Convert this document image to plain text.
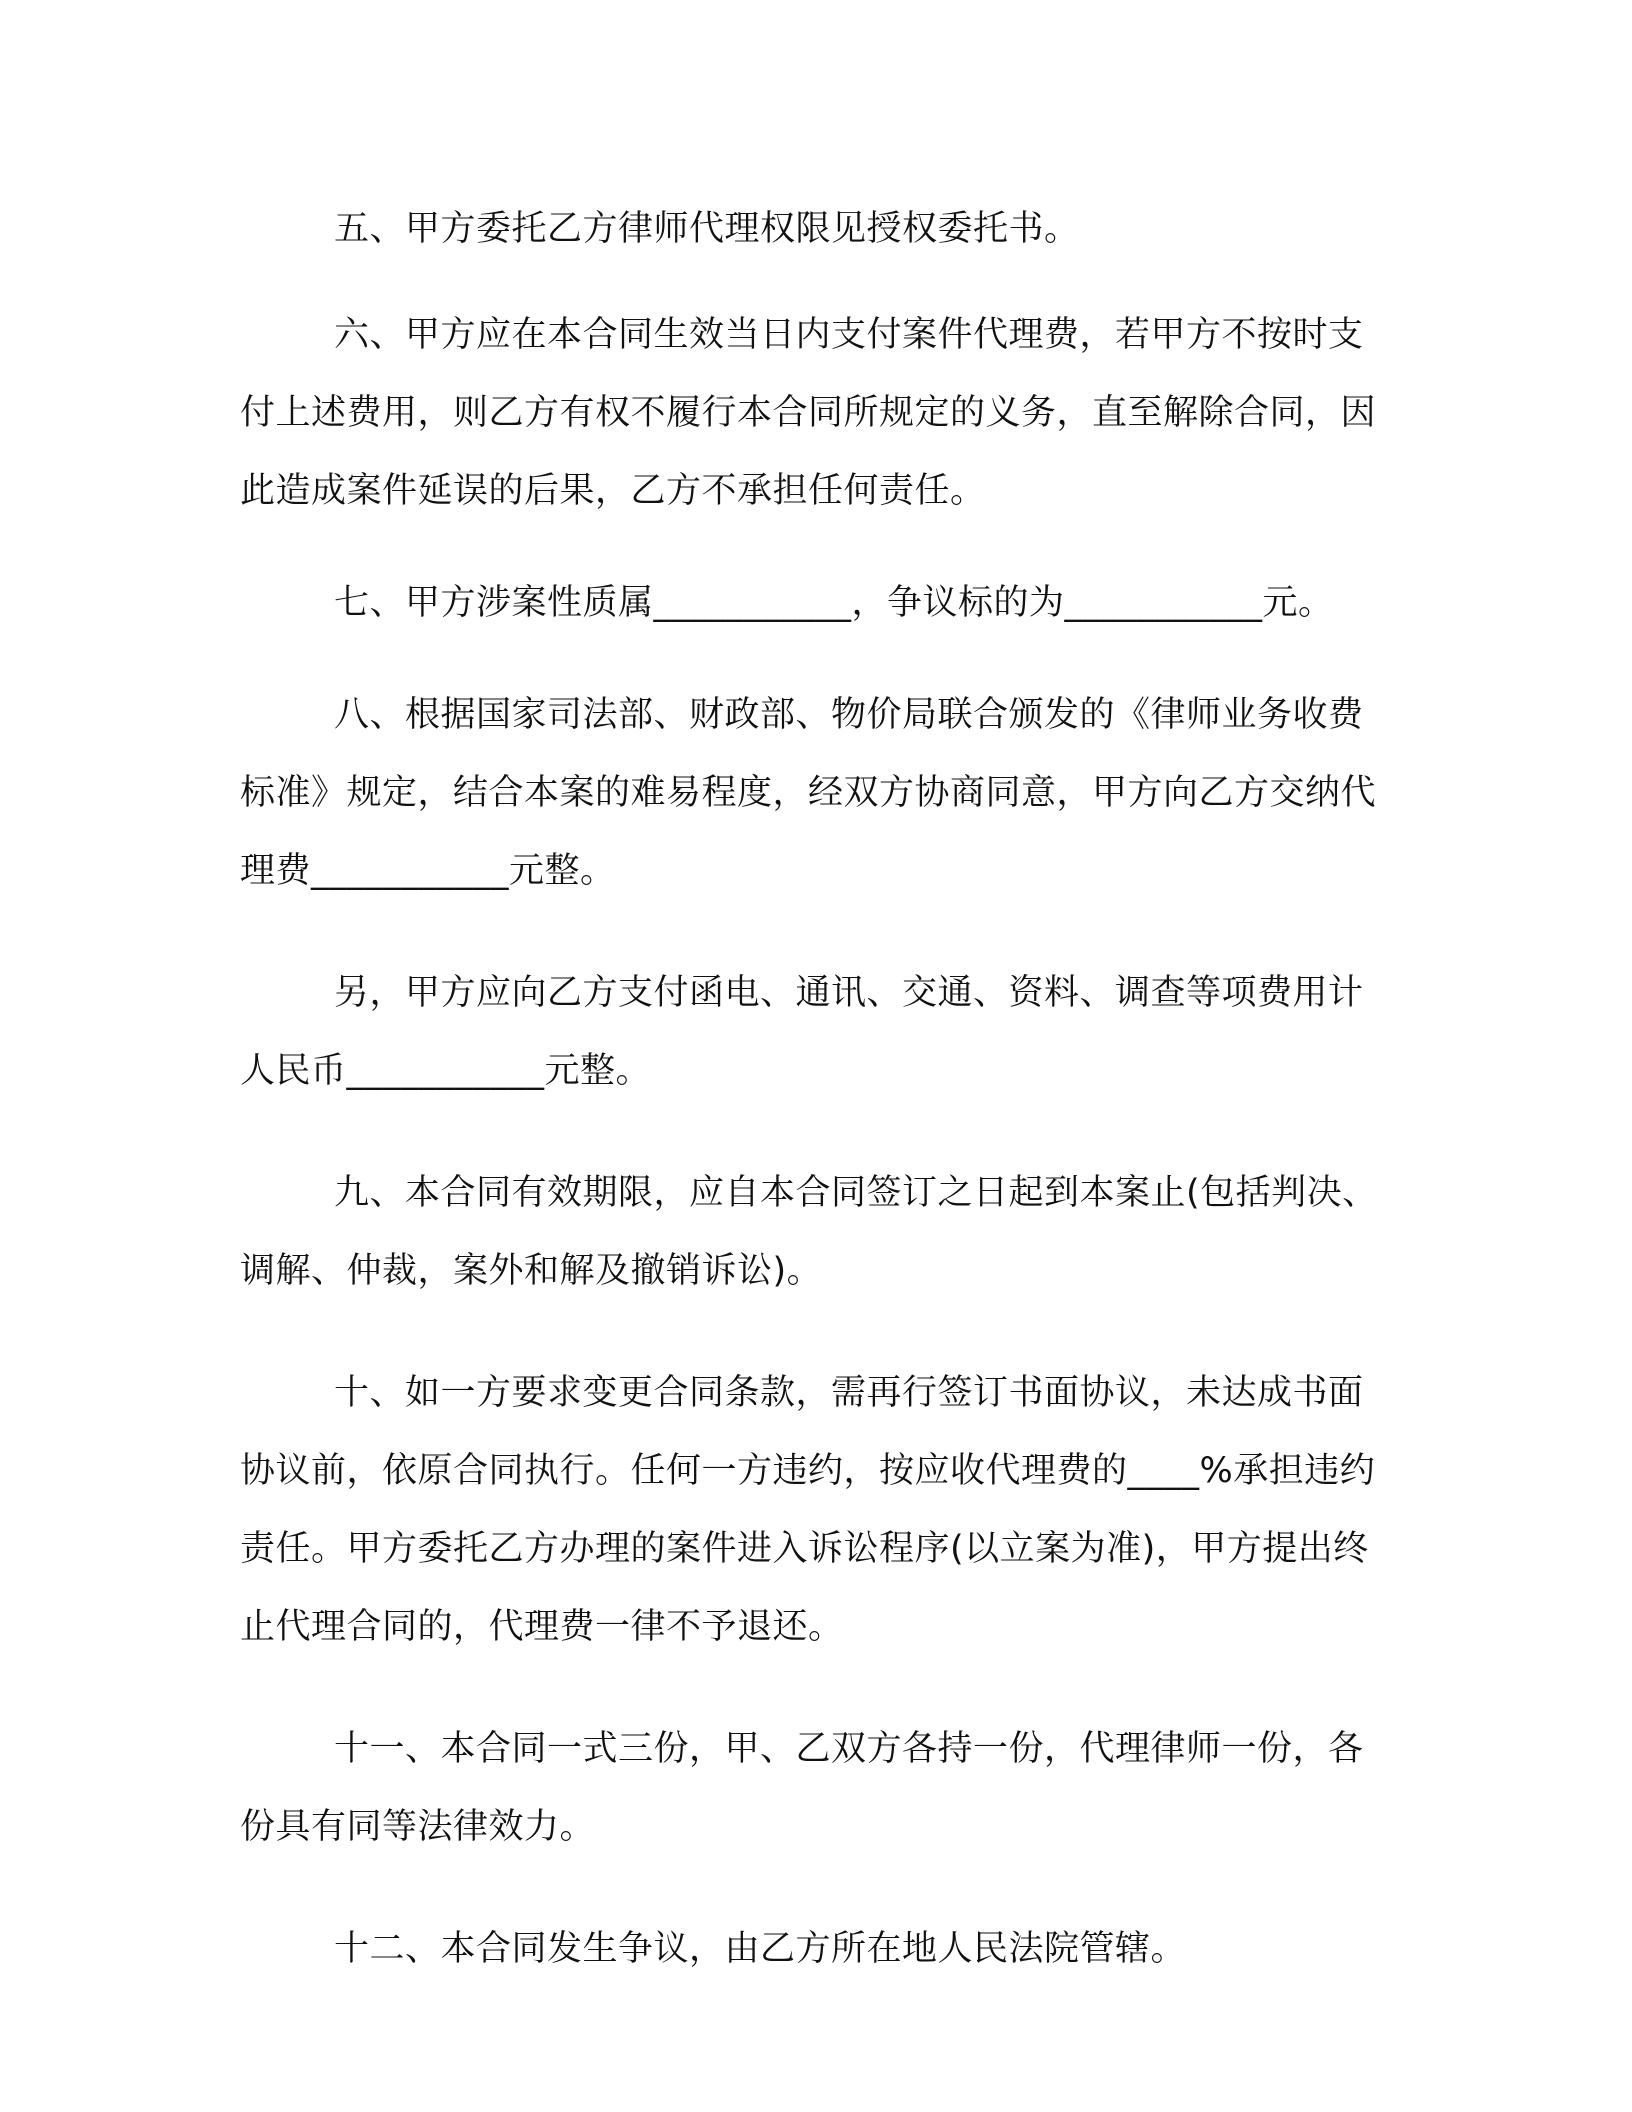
五、甲方委托乙方律师代理权限见授权委托书。

六、甲方应在本合同生效当日内支付案件代理费，若甲方不按时支付上述费用，则乙方有权不履行本合同所规定的义务，直至解除合同，因此造成案件延误的后果，乙方不承担任何责任。

七、甲方涉案性质属___________，争议标的为___________元。

八、根据国家司法部、财政部、物价局联合颁发的《律师业务收费标准》规定，结合本案的难易程度，经双方协商同意，甲方向乙方交纳代理费___________元整。

另，甲方应向乙方支付函电、通讯、交通、资料、调查等项费用计人民币___________元整。

九、本合同有效期限，应自本合同签订之日起到本案止(包括判决、调解、仲裁，案外和解及撤销诉讼)。

十、如一方要求变更合同条款，需再行签订书面协议，未达成书面协议前，依原合同执行。任何一方违约，按应收代理费的____%承担违约责任。甲方委托乙方办理的案件进入诉讼程序(以立案为准)，甲方提出终止代理合同的，代理费一律不予退还。

十一、本合同一式三份，甲、乙双方各持一份，代理律师一份，各份具有同等法律效力。

十二、本合同发生争议，由乙方所在地人民法院管辖。
